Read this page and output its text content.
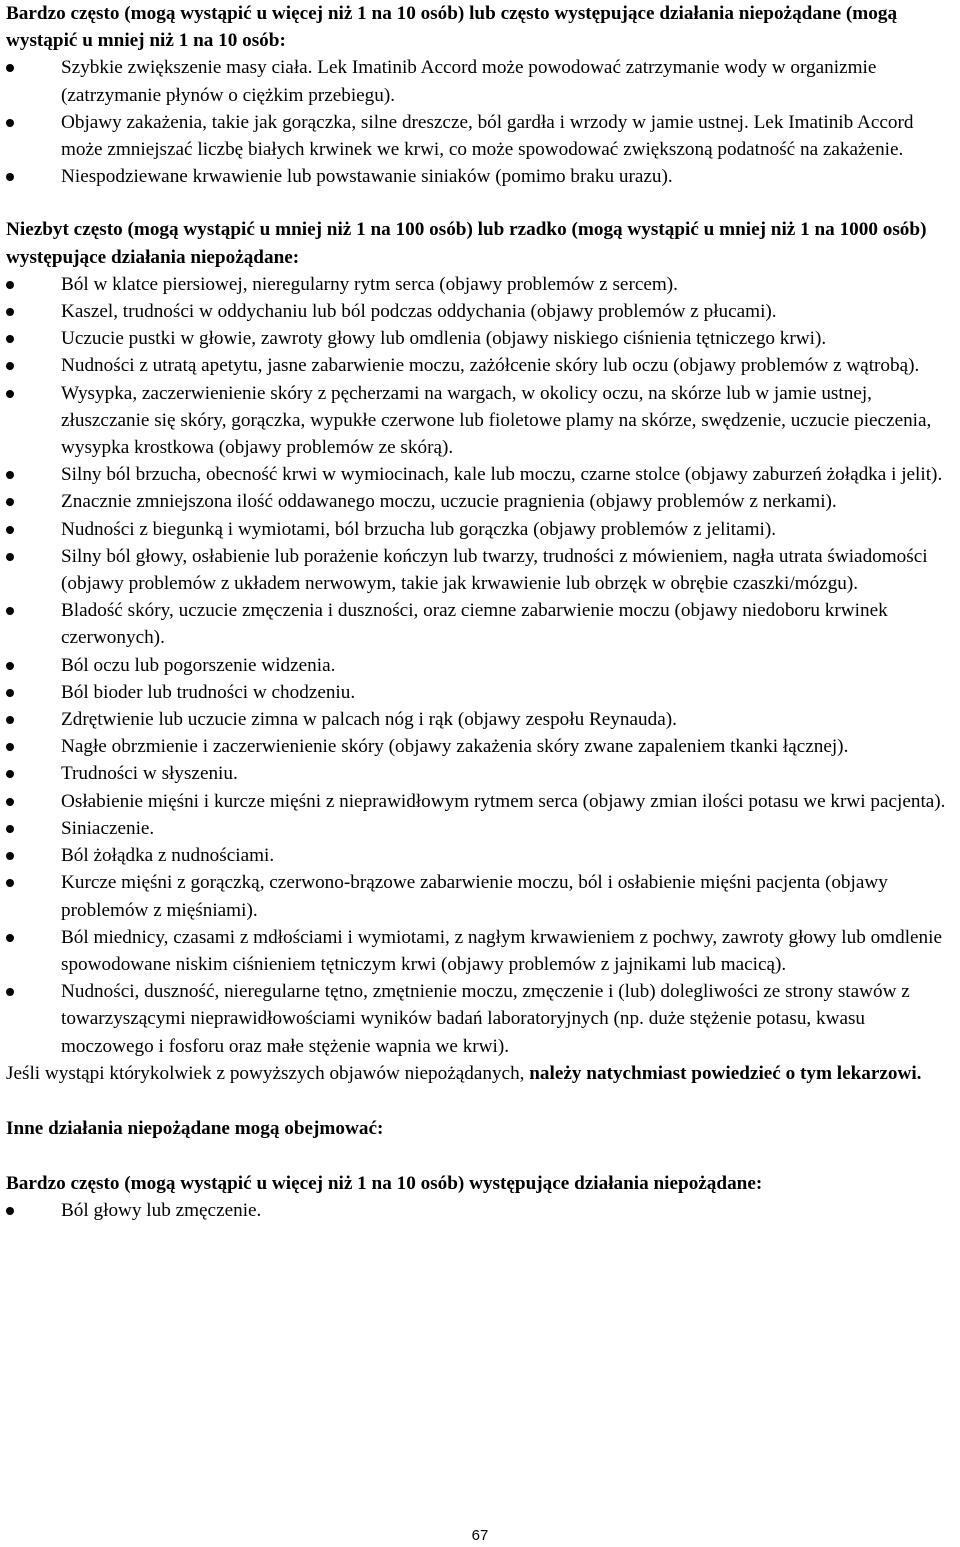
Bardzo często (mogą wystąpić u więcej niż 1 na 10 osób) lub często występujące działania niepożądane (mogą wystąpić u mniej niż 1 na 10 osób:

Szybkie zwiększenie masy ciała. Lek Imatinib Accord może powodować zatrzymanie wody w organizmie (zatrzymanie płynów o ciężkim przebiegu).
Objawy zakażenia, takie jak gorączka, silne dreszcze, ból gardła i wrzody w jamie ustnej. Lek Imatinib Accord może zmniejszać liczbę białych krwinek we krwi, co może spowodować zwiększoną podatność na zakażenie.
Niespodziewane krwawienie lub powstawanie siniaków (pomimo braku urazu).

Niezbyt często (mogą wystąpić u mniej niż 1 na 100 osób) lub rzadko (mogą wystąpić u mniej niż 1 na 1000 osób) występujące działania niepożądane:

Ból w klatce piersiowej, nieregularny rytm serca (objawy problemów z sercem).
Kaszel, trudności w oddychaniu lub ból podczas oddychania (objawy problemów z płucami).
Uczucie pustki w głowie, zawroty głowy lub omdlenia (objawy niskiego ciśnienia tętniczego krwi).
Nudności z utratą apetytu, jasne zabarwienie moczu, zażółcenie skóry lub oczu (objawy problemów z wątrobą).
Wysypka, zaczerwienienie skóry z pęcherzami na wargach, w okolicy oczu, na skórze lub w jamie ustnej, złuszczanie się skóry, gorączka, wypukłe czerwone lub fioletowe plamy na skórze, swędzenie, uczucie pieczenia, wysypka krostkowa (objawy problemów ze skórą).
Silny ból brzucha, obecność krwi w wymiocinach, kale lub moczu, czarne stolce (objawy zaburzeń żołądka i jelit).
Znacznie zmniejszona ilość oddawanego moczu, uczucie pragnienia (objawy problemów z nerkami).
Nudności z biegunką i wymiotami, ból brzucha lub gorączka (objawy problemów z jelitami).
Silny ból głowy, osłabienie lub porażenie kończyn lub twarzy, trudności z mówieniem, nagła utrata świadomości (objawy problemów z układem nerwowym, takie jak krwawienie lub obrzęk w obrębie czaszki/mózgu).
Bladość skóry, uczucie zmęczenia i duszności, oraz ciemne zabarwienie moczu (objawy niedoboru krwinek czerwonych).
Ból oczu lub pogorszenie widzenia.
Ból bioder lub trudności w chodzeniu.
Zdrętwienie lub uczucie zimna w palcach nóg i rąk (objawy zespołu Reynauda).
Nagłe obrzmienie i zaczerwienienie skóry (objawy zakażenia skóry zwane zapaleniem tkanki łącznej).
Trudności w słyszeniu.
Osłabienie mięśni i kurcze mięśni z nieprawidłowym rytmem serca (objawy zmian ilości potasu we krwi pacjenta).
Siniaczenie.
Ból żołądka z nudnościami.
Kurcze mięśni z gorączką, czerwono-brązowe zabarwienie moczu, ból i osłabienie mięśni pacjenta (objawy problemów z mięśniami).
Ból miednicy, czasami z mdłościami i wymiotami, z nagłym krwawieniem z pochwy, zawroty głowy lub omdlenie spowodowane niskim ciśnieniem tętniczym krwi (objawy problemów z jajnikami lub macicą).
Nudności, duszność, nieregularne tętno, zmętnienie moczu, zmęczenie i (lub) dolegliwości ze strony stawów z towarzyszącymi nieprawidłowościami wyników badań laboratoryjnych (np. duże stężenie potasu, kwasu moczowego i fosforu oraz małe stężenie wapnia we krwi).

Jeśli wystąpi którykolwiek z powyższych objawów niepożądanych, należy natychmiast powiedzieć o tym lekarzowi.

Inne działania niepożądane mogą obejmować:

Bardzo często (mogą wystąpić u więcej niż 1 na 10 osób) występujące działania niepożądane:

Ból głowy lub zmęczenie.
67
